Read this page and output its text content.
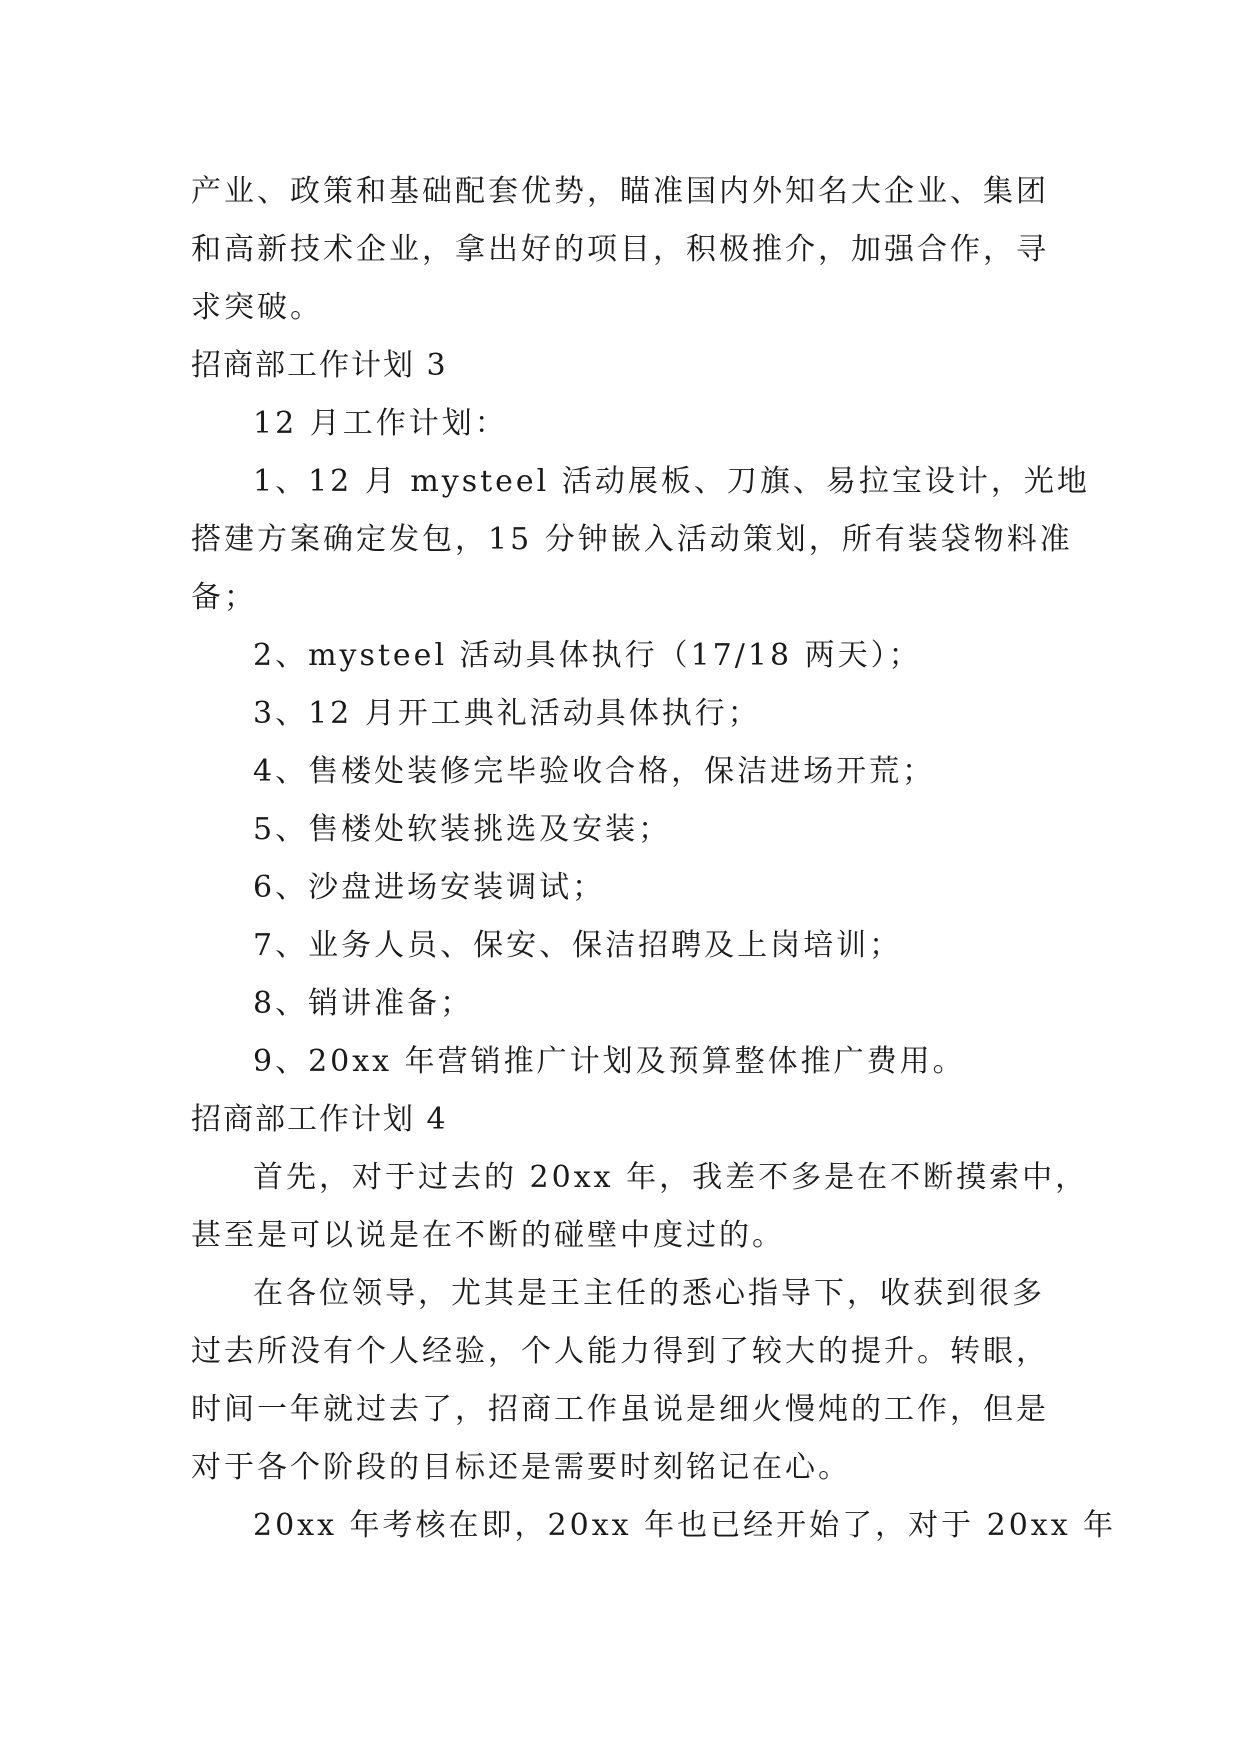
产业、政策和基础配套优势，瞄准国内外知名大企业、集团
和高新技术企业，拿出好的项目，积极推介，加强合作，寻
求突破。
招商部工作计划 3
12 月工作计划：
1、12 月 mysteel 活动展板、刀旗、易拉宝设计，光地
搭建方案确定发包，15 分钟嵌入活动策划，所有装袋物料准
备；
2、mysteel 活动具体执行（17/18 两天）；
3、12 月开工典礼活动具体执行；
4、售楼处装修完毕验收合格，保洁进场开荒；
5、售楼处软装挑选及安装；
6、沙盘进场安装调试；
7、业务人员、保安、保洁招聘及上岗培训；
8、销讲准备；
9、20xx 年营销推广计划及预算整体推广费用。
招商部工作计划 4
首先，对于过去的 20xx 年，我差不多是在不断摸索中，
甚至是可以说是在不断的碰壁中度过的。
在各位领导，尤其是王主任的悉心指导下，收获到很多
过去所没有个人经验，个人能力得到了较大的提升。转眼，
时间一年就过去了，招商工作虽说是细火慢炖的工作，但是
对于各个阶段的目标还是需要时刻铭记在心。
20xx 年考核在即，20xx 年也已经开始了，对于 20xx 年
